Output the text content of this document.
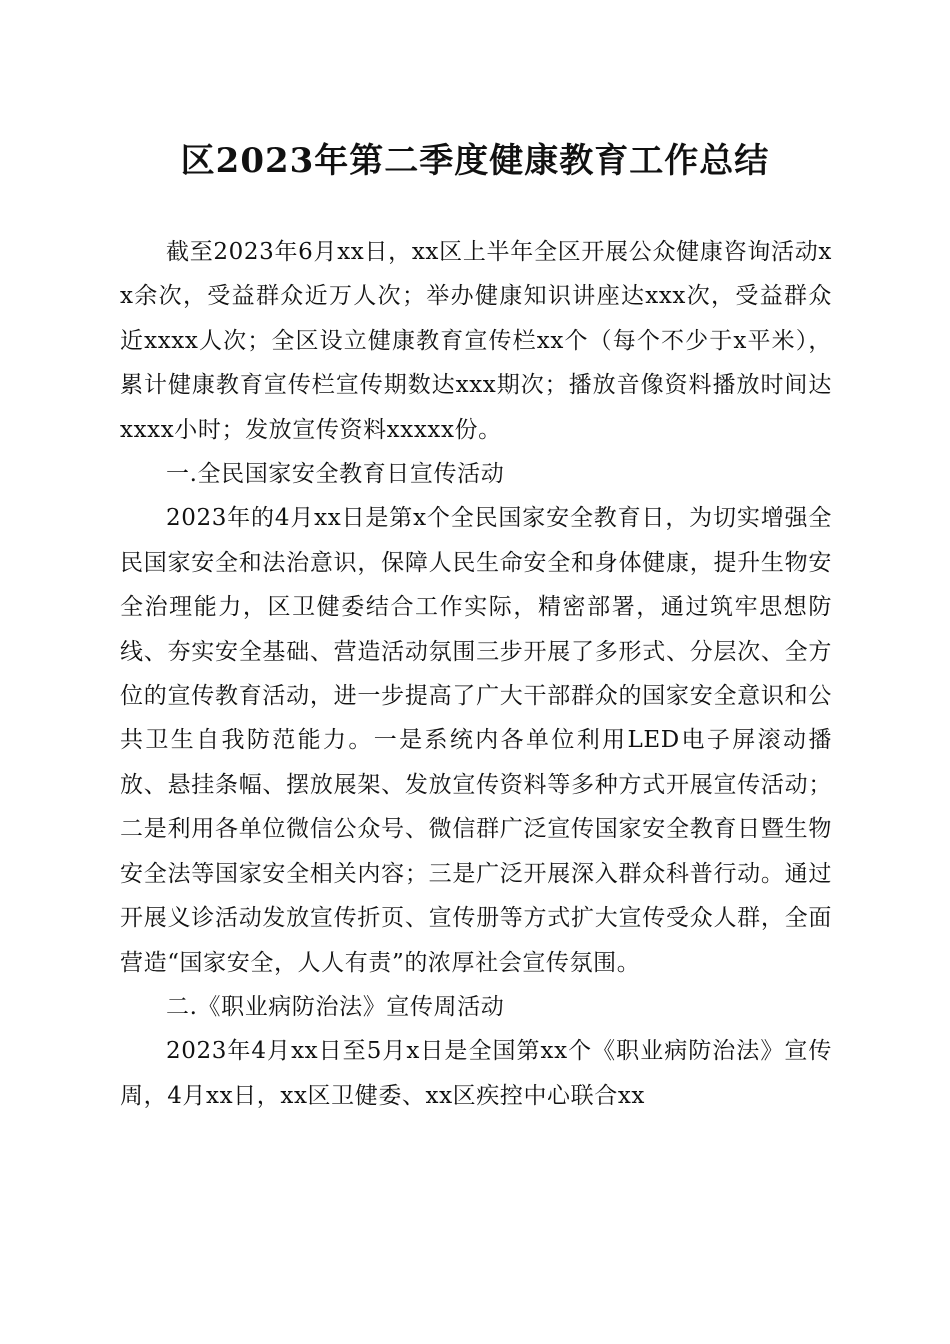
区2023年第二季度健康教育工作总结

截至2023年6月xx日，xx区上半年全区开展公众健康咨询活动xx余次，受益群众近万人次；举办健康知识讲座达xxx次，受益群众近xxxx人次；全区设立健康教育宣传栏xx个（每个不少于x平米），累计健康教育宣传栏宣传期数达xxx期次；播放音像资料播放时间达xxxx小时；发放宣传资料xxxxx份。

一.全民国家安全教育日宣传活动

2023年的4月xx日是第x个全民国家安全教育日，为切实增强全民国家安全和法治意识，保障人民生命安全和身体健康，提升生物安全治理能力，区卫健委结合工作实际，精密部署，通过筑牢思想防线、夯实安全基础、营造活动氛围三步开展了多形式、分层次、全方位的宣传教育活动，进一步提高了广大干部群众的国家安全意识和公共卫生自我防范能力。一是系统内各单位利用LED电子屏滚动播放、悬挂条幅、摆放展架、发放宣传资料等多种方式开展宣传活动；二是利用各单位微信公众号、微信群广泛宣传国家安全教育日暨生物安全法等国家安全相关内容；三是广泛开展深入群众科普行动。通过开展义诊活动发放宣传折页、宣传册等方式扩大宣传受众人群，全面营造“国家安全，人人有责”的浓厚社会宣传氛围。

二.《职业病防治法》宣传周活动

2023年4月xx日至5月x日是全国第xx个《职业病防治法》宣传周，4月xx日，xx区卫健委、xx区疾控中心联合xx
